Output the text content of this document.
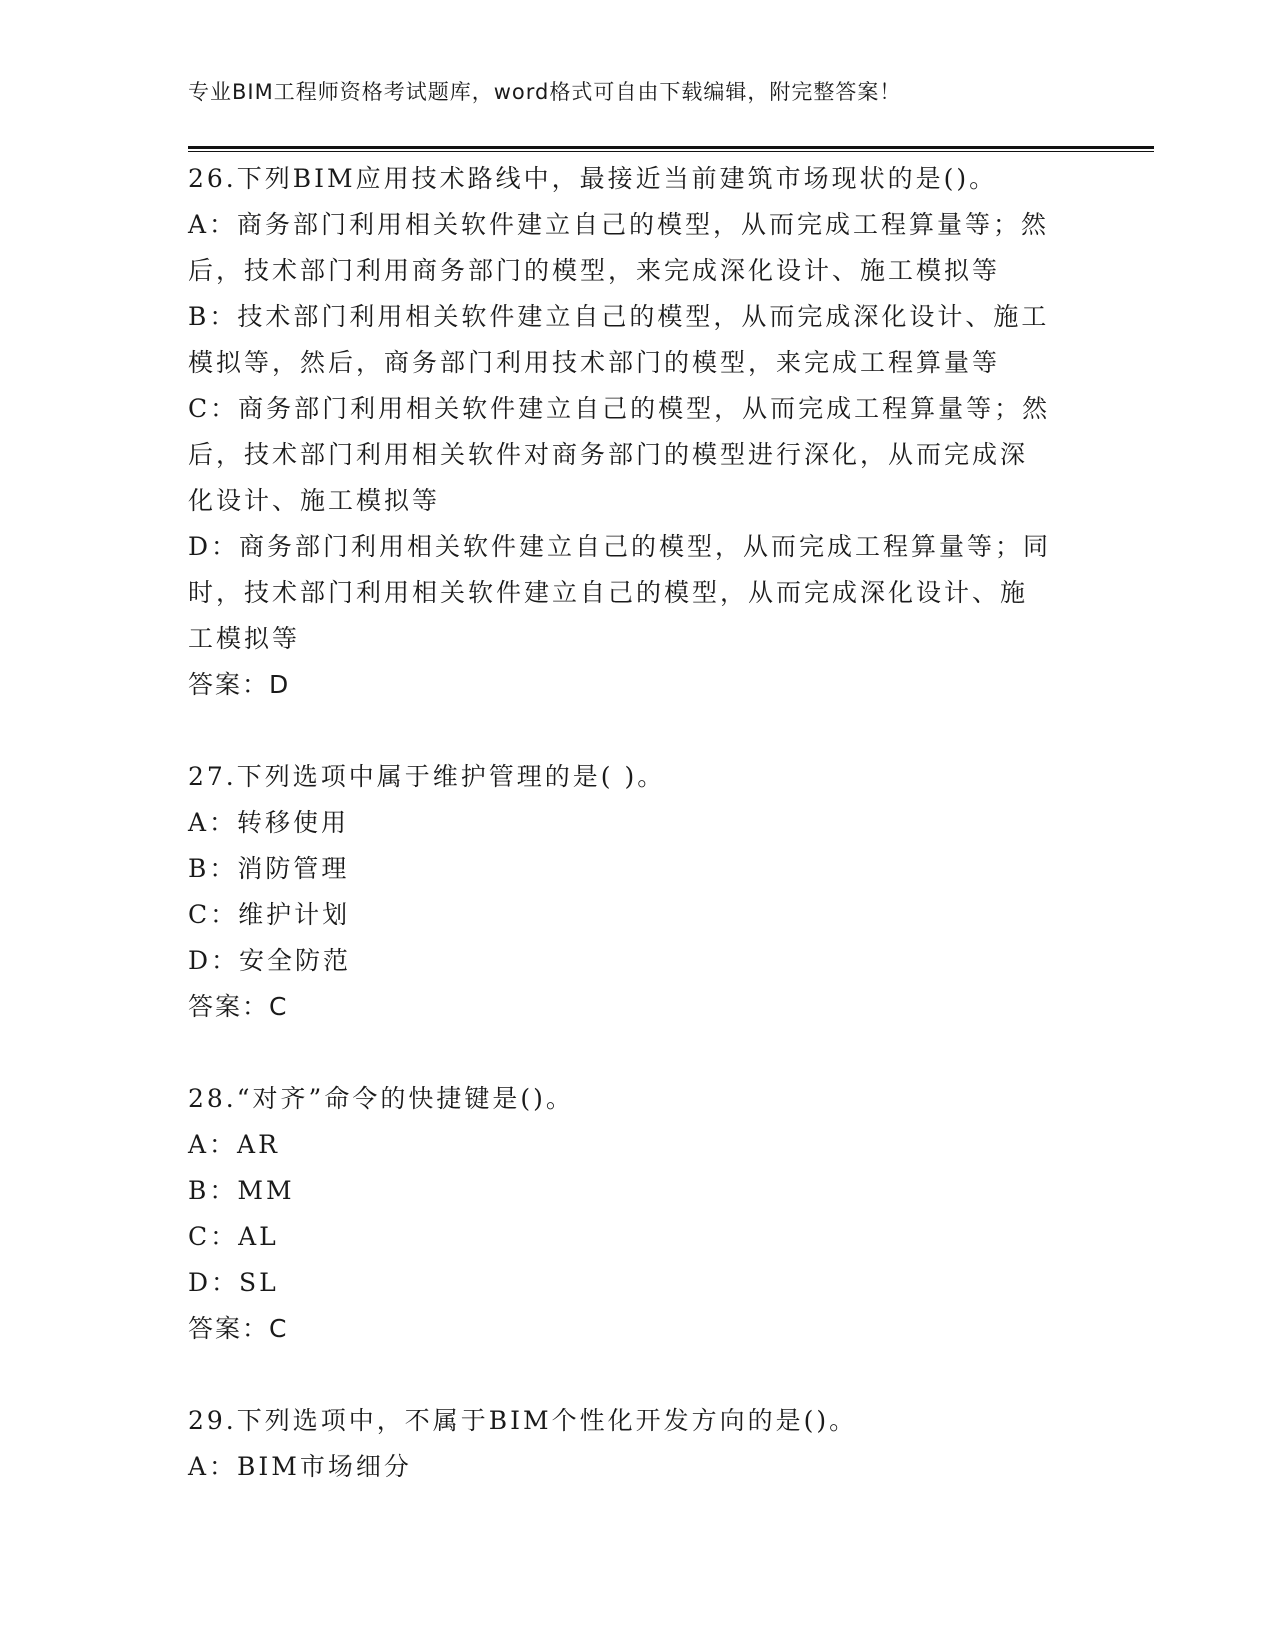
专业BIM工程师资格考试题库，word格式可自由下载编辑，附完整答案！
26.下列BIM应用技术路线中，最接近当前建筑市场现状的是()。
A：商务部门利用相关软件建立自己的模型，从而完成工程算量等；然
后，技术部门利用商务部门的模型，来完成深化设计、施工模拟等
B：技术部门利用相关软件建立自己的模型，从而完成深化设计、施工
模拟等，然后，商务部门利用技术部门的模型，来完成工程算量等
C：商务部门利用相关软件建立自己的模型，从而完成工程算量等；然
后，技术部门利用相关软件对商务部门的模型进行深化，从而完成深
化设计、施工模拟等
D：商务部门利用相关软件建立自己的模型，从而完成工程算量等；同
时，技术部门利用相关软件建立自己的模型，从而完成深化设计、施
工模拟等
答案：D
27.下列选项中属于维护管理的是( )。
A：转移使用
B：消防管理
C：维护计划
D：安全防范
答案：C
28.“对齐”命令的快捷键是()。
A：AR
B：MM
C：AL
D：SL
答案：C
29.下列选项中，不属于BIM个性化开发方向的是()。
A：BIM市场细分
